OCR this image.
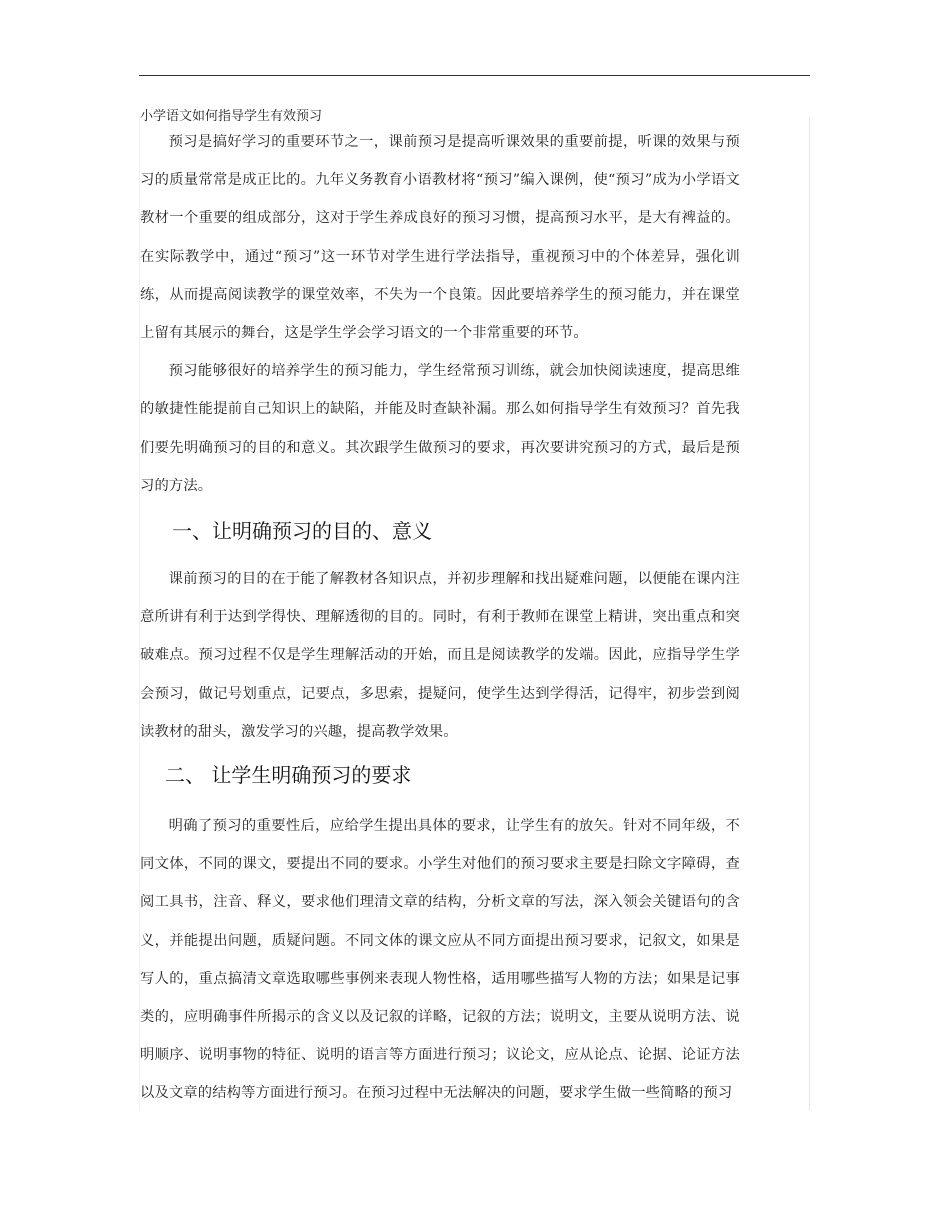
小学语文如何指导学生有效预习

预习是搞好学习的重要环节之一，课前预习是提高听课效果的重要前提，听课的效果与预习的质量常常是成正比的。九年义务教育小语教材将“预习”编入课例，使“预习”成为小学语文教材一个重要的组成部分，这对于学生养成良好的预习习惯，提高预习水平，是大有裨益的。在实际教学中，通过“预习”这一环节对学生进行学法指导，重视预习中的个体差异，强化训练，从而提高阅读教学的课堂效率，不失为一个良策。因此要培养学生的预习能力，并在课堂上留有其展示的舞台，这是学生学会学习语文的一个非常重要的环节。

预习能够很好的培养学生的预习能力，学生经常预习训练，就会加快阅读速度，提高思维的敏捷性能提前自己知识上的缺陷，并能及时查缺补漏。那么如何指导学生有效预习？首先我们要先明确预习的目的和意义。其次跟学生做预习的要求，再次要讲究预习的方式，最后是预习的方法。

一、让明确预习的目的、意义

课前预习的目的在于能了解教材各知识点，并初步理解和找出疑难问题，以便能在课内注意所讲有利于达到学得快、理解透彻的目的。同时，有利于教师在课堂上精讲，突出重点和突破难点。预习过程不仅是学生理解活动的开始，而且是阅读教学的发端。因此，应指导学生学会预习，做记号划重点，记要点，多思索，提疑问，使学生达到学得活，记得牢，初步尝到阅读教材的甜头，激发学习的兴趣，提高教学效果。

二、 让学生明确预习的要求

明确了预习的重要性后，应给学生提出具体的要求，让学生有的放矢。针对不同年级，不同文体，不同的课文，要提出不同的要求。小学生对他们的预习要求主要是扫除文字障碍，查阅工具书，注音、释义，要求他们理清文章的结构，分析文章的写法，深入领会关键语句的含义，并能提出问题，质疑问题。不同文体的课文应从不同方面提出预习要求，记叙文，如果是写人的，重点搞清文章选取哪些事例来表现人物性格，适用哪些描写人物的方法；如果是记事类的，应明确事件所揭示的含义以及记叙的详略，记叙的方法；说明文，主要从说明方法、说明顺序、说明事物的特征、说明的语言等方面进行预习；议论文，应从论点、论据、论证方法以及文章的结构等方面进行预习。在预习过程中无法解决的问题，要求学生做一些简略的预习
